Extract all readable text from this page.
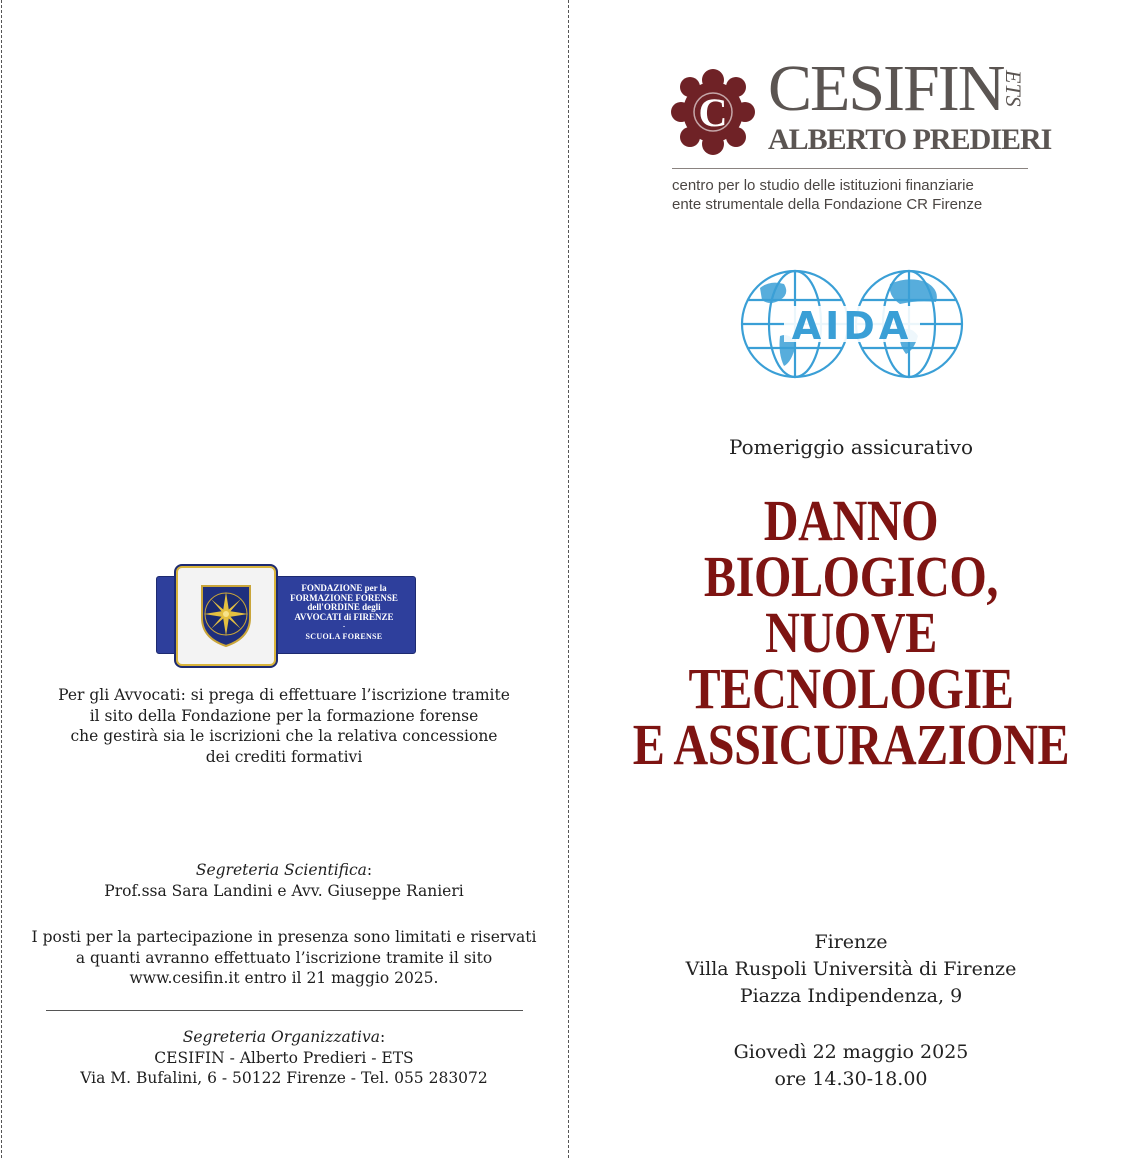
FONDAZIONE per la
FORMAZIONE FORENSE
dell'ORDINE degli
AVVOCATI di FIRENZE
-
SCUOLA FORENSE
Per gli Avvocati: si prega di effettuare l’iscrizione tramite
il sito della Fondazione per la formazione forense
che gestirà sia le iscrizioni che la relativa concessione
dei crediti formativi
Segreteria Scientifica:
Prof.ssa Sara Landini e Avv. Giuseppe Ranieri
I posti per la partecipazione in presenza sono limitati e riservati
a quanti avranno effettuato l’iscrizione tramite il sito
www.cesifin.it entro il 21 maggio 2025.
Segreteria Organizzativa:
CESIFIN - Alberto Predieri - ETS
Via M. Bufalini, 6 - 50122 Firenze - Tel. 055 283072
C CESIFIN
ETS
ALBERTO PREDIERI
centro per lo studio delle istituzioni finanziarie
ente strumentale della Fondazione CR Firenze
AIDA
Pomeriggio assicurativo
DANNO BIOLOGICO,
NUOVE TECNOLOGIE
E ASSICURAZIONE
Firenze
Villa Ruspoli Università di Firenze
Piazza Indipendenza, 9
Giovedì 22 maggio 2025
ore 14.30-18.00
